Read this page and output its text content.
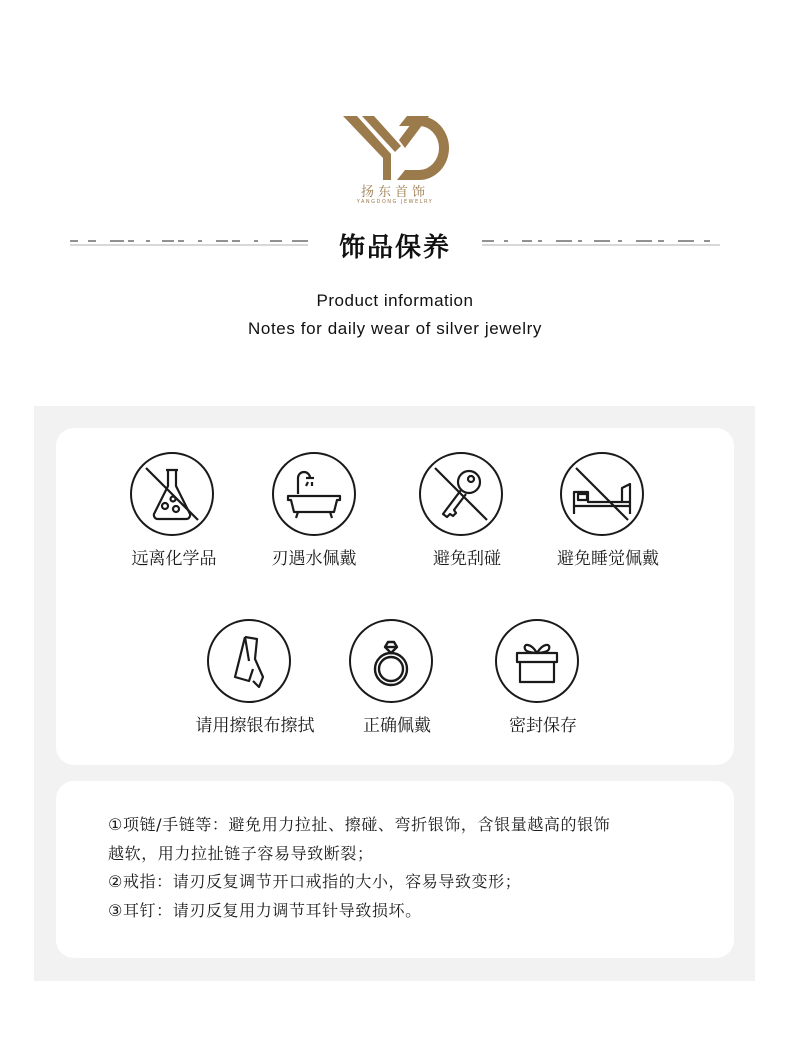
扬东首饰
YANGDONG JEWELRY
饰品保养
Product information
Notes for daily wear of silver jewelry
远离化学品	刃遇水佩戴	避免刮碰	避免睡觉佩戴
请用擦银布擦拭	正确佩戴	密封保存
①项链/手链等：避免用力拉扯、擦碰、弯折银饰，含银量越高的银饰
越软，用力拉扯链子容易导致断裂；
②戒指：请刃反复调节开口戒指的大小，容易导致变形；
③耳钉：请刃反复用力调节耳针导致损坏。
